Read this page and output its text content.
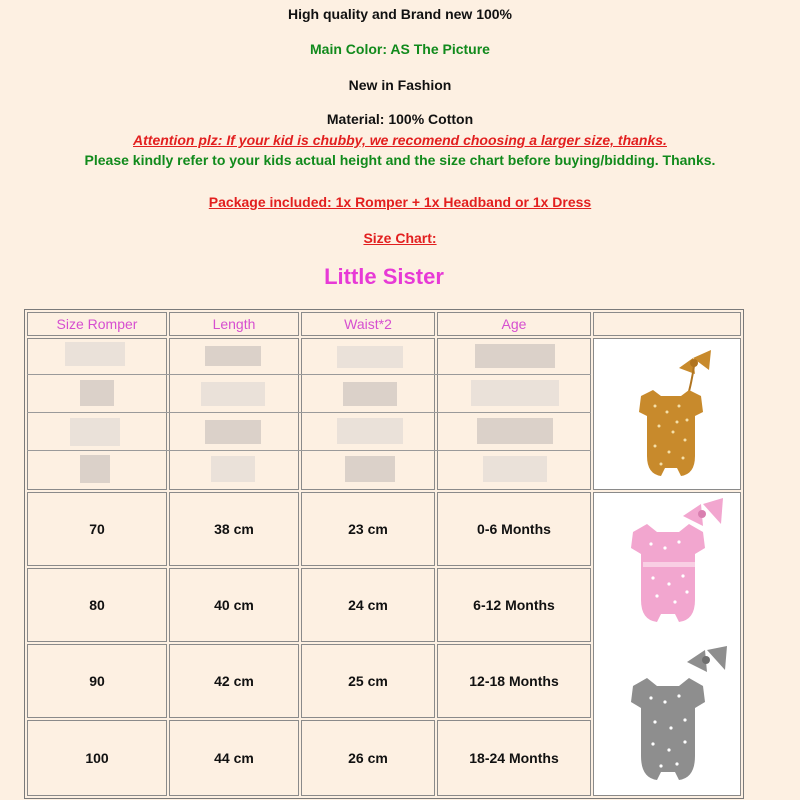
High quality and Brand new 100%
Main Color: AS The Picture
New in Fashion
Material: 100% Cotton
Attention plz: If your kid is chubby, we recomend choosing a larger size, thanks.
Please kindly refer to your kids actual height and the size chart before buying/bidding. Thanks.
Package included: 1x Romper + 1x Headband or 1x Dress
Size Chart:
Little Sister
Size Romper	Length	Waist*2	Age
70	38 cm	23 cm	0-6 Months
80	40 cm	24 cm	6-12 Months
90	42 cm	25 cm	12-18 Months
100	44 cm	26 cm	18-24 Months
